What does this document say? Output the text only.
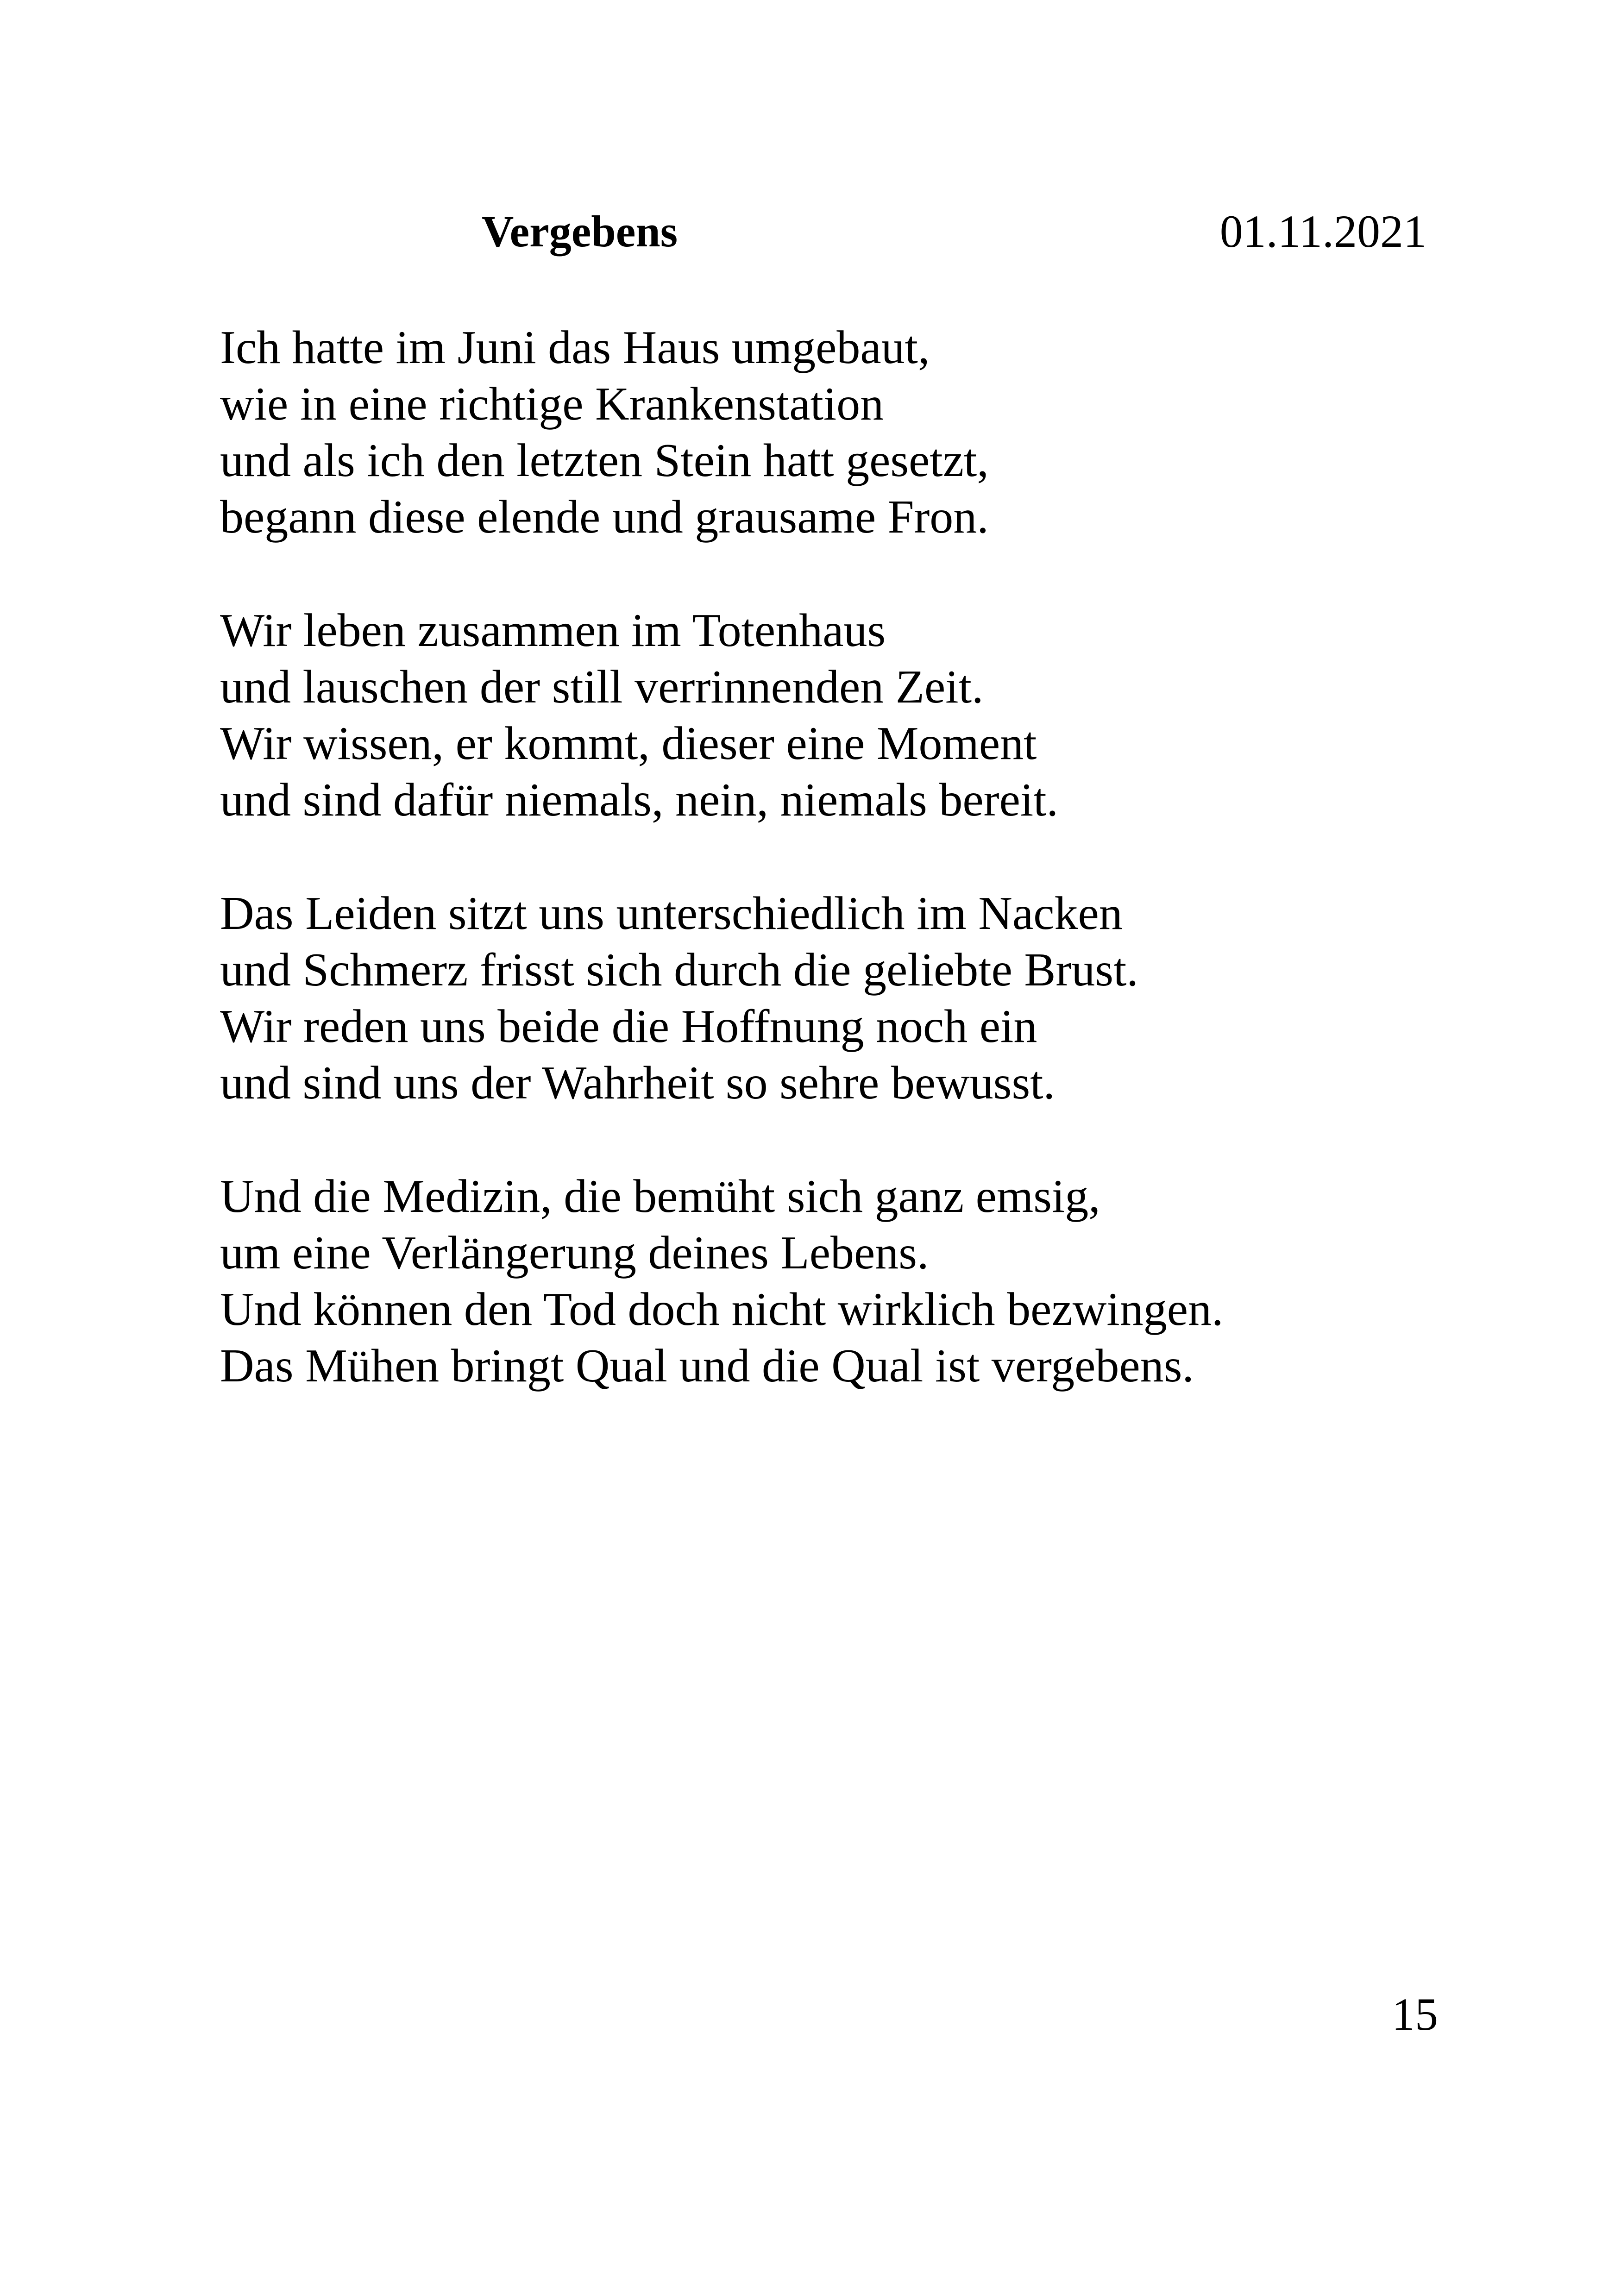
Vergebens	01.11.2021
Ich hatte im Juni das Haus umgebaut,
wie in eine richtige Krankenstation
und als ich den letzten Stein hatt gesetzt,
begann diese elende und grausame Fron.
Wir leben zusammen im Totenhaus
und lauschen der still verrinnenden Zeit.
Wir wissen, er kommt, dieser eine Moment
und sind dafür niemals, nein, niemals bereit.
Das Leiden sitzt uns unterschiedlich im Nacken
und Schmerz frisst sich durch die geliebte Brust.
Wir reden uns beide die Hoffnung noch ein
und sind uns der Wahrheit so sehre bewusst.
Und die Medizin, die bemüht sich ganz emsig,
um eine Verlängerung deines Lebens.
Und können den Tod doch nicht wirklich bezwingen.
Das Mühen bringt Qual und die Qual ist vergebens.
15
